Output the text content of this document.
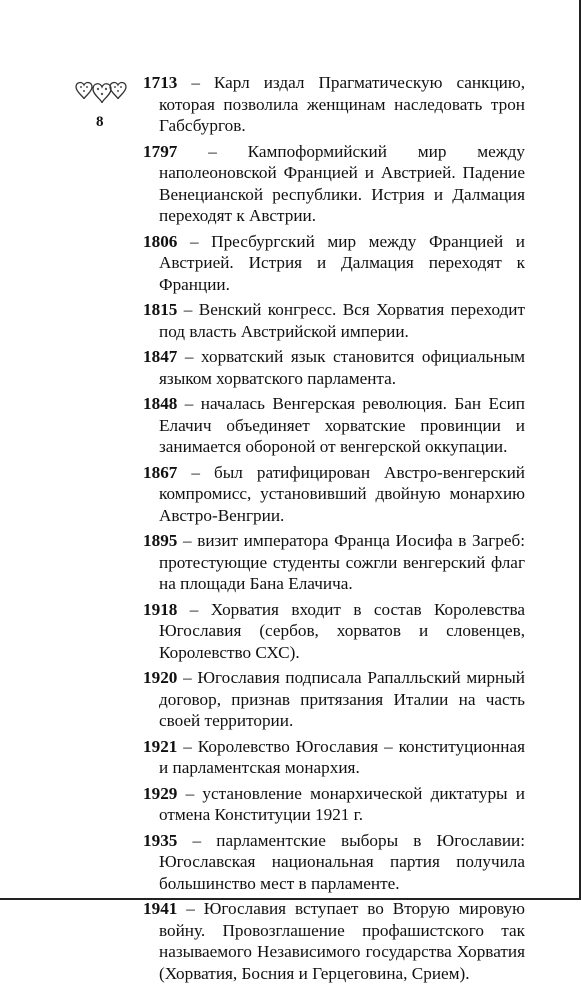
8
1713 – Карл издал Прагматическую санкцию, которая позволила женщинам наследовать трон Габсбургов.
1797 – Кампоформийский мир между наполеоновской Францией и Австрией. Падение Венецианской республики. Истрия и Далмация переходят к Австрии.
1806 – Пресбургский мир между Францией и Австрией. Истрия и Далмация переходят к Франции.
1815 – Венский конгресс. Вся Хорватия переходит под власть Австрийской империи.
1847 – хорватский язык становится официальным языком хорватского парламента.
1848 – началась Венгерская революция. Бан Есип Елачич объединяет хорватские провинции и занимается обороной от венгерской оккупации.
1867 – был ратифицирован Австро-венгерский компромисс, установивший двойную монархию Австро-Венгрии.
1895 – визит императора Франца Иосифа в Загреб: протестующие студенты сожгли венгерский флаг на площади Бана Елачича.
1918 – Хорватия входит в состав Королевства Югославия (сербов, хорватов и словенцев, Королевство СХС).
1920 – Югославия подписала Рапалльский мирный договор, признав притязания Италии на часть своей территории.
1921 – Королевство Югославия – конституционная и парламентская монархия.
1929 – установление монархической диктатуры и отмена Конституции 1921 г.
1935 – парламентские выборы в Югославии: Югославская национальная партия получила большинство мест в парламенте.
1941 – Югославия вступает во Вторую мировую войну. Провозглашение профашистского так называемого Независимого государства Хорватия (Хорватия, Босния и Герцеговина, Срием).
